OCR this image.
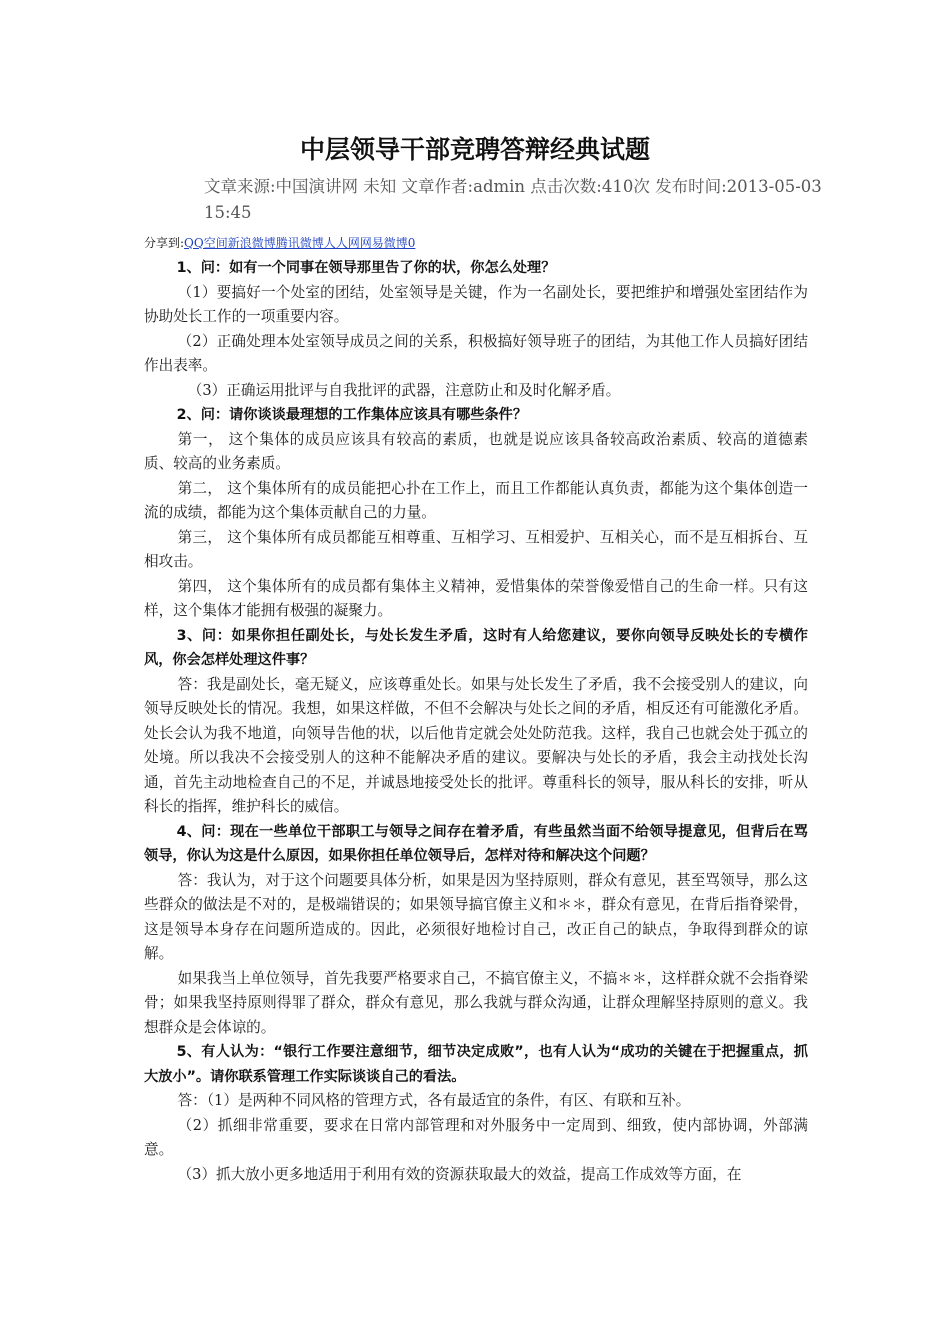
中层领导干部竞聘答辩经典试题

文章来源:中国演讲网 未知 文章作者:admin 点击次数:410次 发布时间:2013-05-03 15:45

分享到:QQ空间新浪微博腾讯微博人人网网易微博0

1、问：如有一个同事在领导那里告了你的状，你怎么处理？

（1）要搞好一个处室的团结，处室领导是关键，作为一名副处长，要把维护和增强处室团结作为协助处长工作的一项重要内容。

（2）正确处理本处室领导成员之间的关系，积极搞好领导班子的团结，为其他工作人员搞好团结作出表率。

（3）正确运用批评与自我批评的武器，注意防止和及时化解矛盾。

2、问：请你谈谈最理想的工作集体应该具有哪些条件？

第一， 这个集体的成员应该具有较高的素质，也就是说应该具备较高政治素质、较高的道德素质、较高的业务素质。

第二， 这个集体所有的成员能把心扑在工作上，而且工作都能认真负责，都能为这个集体创造一流的成绩，都能为这个集体贡献自己的力量。

第三， 这个集体所有成员都能互相尊重、互相学习、互相爱护、互相关心，而不是互相拆台、互相攻击。

第四， 这个集体所有的成员都有集体主义精神，爱惜集体的荣誉像爱惜自己的生命一样。只有这样，这个集体才能拥有极强的凝聚力。

3、问：如果你担任副处长，与处长发生矛盾，这时有人给您建议，要你向领导反映处长的专横作风，你会怎样处理这件事？

答：我是副处长，毫无疑义，应该尊重处长。如果与处长发生了矛盾，我不会接受别人的建议，向领导反映处长的情况。我想，如果这样做，不但不会解决与处长之间的矛盾，相反还有可能激化矛盾。处长会认为我不地道，向领导告他的状，以后他肯定就会处处防范我。这样，我自己也就会处于孤立的处境。所以我决不会接受别人的这种不能解决矛盾的建议。要解决与处长的矛盾，我会主动找处长沟通，首先主动地检查自己的不足，并诚恳地接受处长的批评。尊重科长的领导，服从科长的安排，听从科长的指挥，维护科长的威信。

4、问：现在一些单位干部职工与领导之间存在着矛盾，有些虽然当面不给领导提意见，但背后在骂领导，你认为这是什么原因，如果你担任单位领导后，怎样对待和解决这个问题？

答：我认为，对于这个问题要具体分析，如果是因为坚持原则，群众有意见，甚至骂领导，那么这些群众的做法是不对的，是极端错误的；如果领导搞官僚主义和＊＊，群众有意见，在背后指脊梁骨，这是领导本身存在问题所造成的。因此，必须很好地检讨自己，改正自己的缺点，争取得到群众的谅解。

如果我当上单位领导，首先我要严格要求自己，不搞官僚主义，不搞＊＊，这样群众就不会指脊梁骨；如果我坚持原则得罪了群众，群众有意见，那么我就与群众沟通，让群众理解坚持原则的意义。我想群众是会体谅的。

5、有人认为：“银行工作要注意细节，细节决定成败”，也有人认为“成功的关键在于把握重点，抓大放小”。请你联系管理工作实际谈谈自己的看法。

答：（1）是两种不同风格的管理方式，各有最适宜的条件，有区、有联和互补。

（2）抓细非常重要，要求在日常内部管理和对外服务中一定周到、细致，使内部协调，外部满意。

（3）抓大放小更多地适用于利用有效的资源获取最大的效益，提高工作成效等方面，在
